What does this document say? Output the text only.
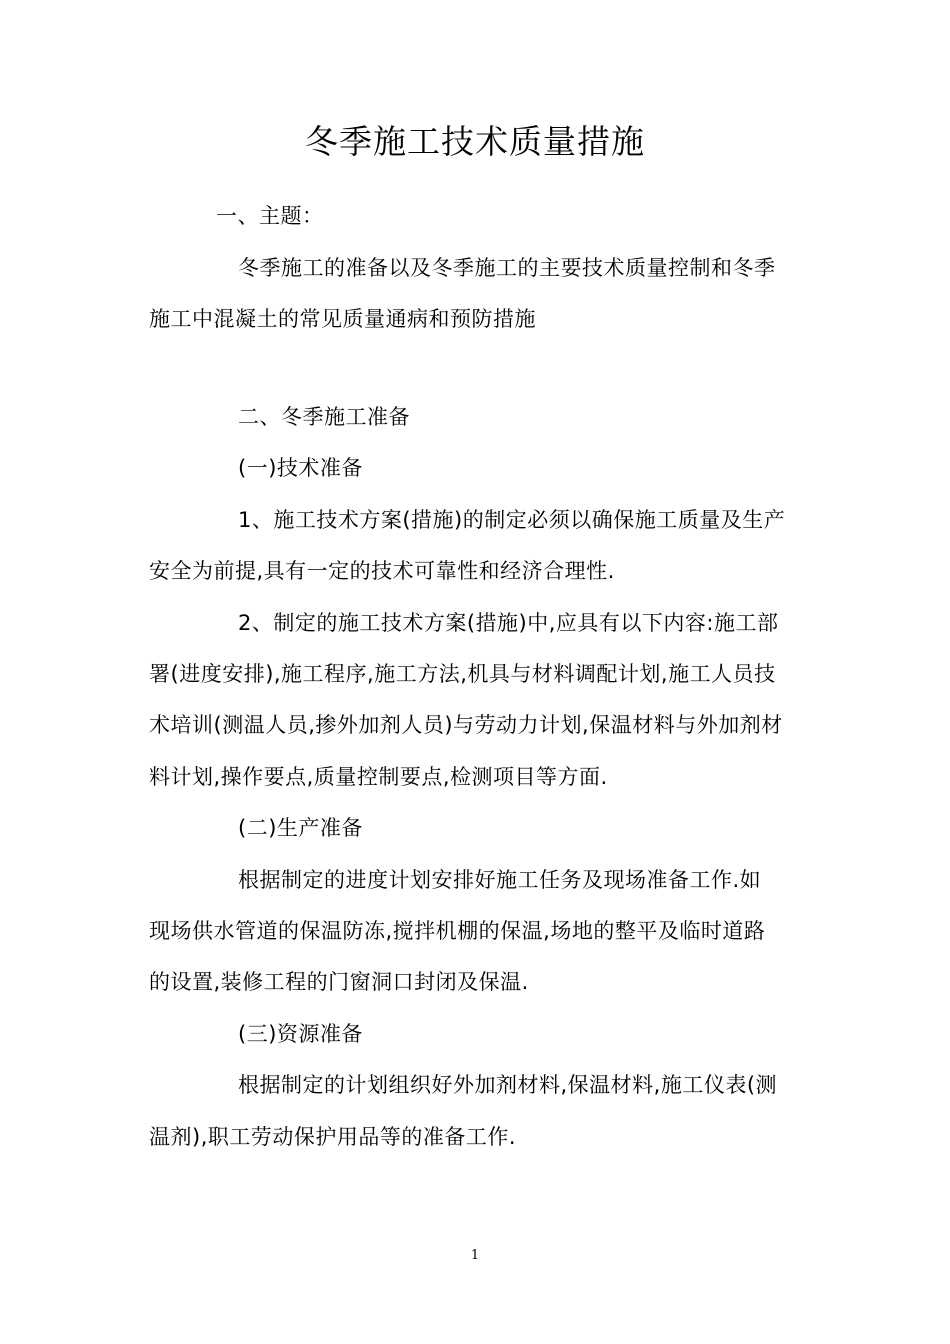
冬季施工技术质量措施
一、主题：
冬季施工的准备以及冬季施工的主要技术质量控制和冬季
施工中混凝土的常见质量通病和预防措施
二、冬季施工准备
(一)技术准备
1、施工技术方案(措施)的制定必须以确保施工质量及生产
安全为前提,具有一定的技术可靠性和经济合理性.
2、制定的施工技术方案(措施)中,应具有以下内容:施工部
署(进度安排),施工程序,施工方法,机具与材料调配计划,施工人员技
术培训(测温人员,掺外加剂人员)与劳动力计划,保温材料与外加剂材
料计划,操作要点,质量控制要点,检测项目等方面.
(二)生产准备
根据制定的进度计划安排好施工任务及现场准备工作.如
现场供水管道的保温防冻,搅拌机棚的保温,场地的整平及临时道路
的设置,装修工程的门窗洞口封闭及保温.
(三)资源准备
根据制定的计划组织好外加剂材料,保温材料,施工仪表(测
温剂),职工劳动保护用品等的准备工作.
1
